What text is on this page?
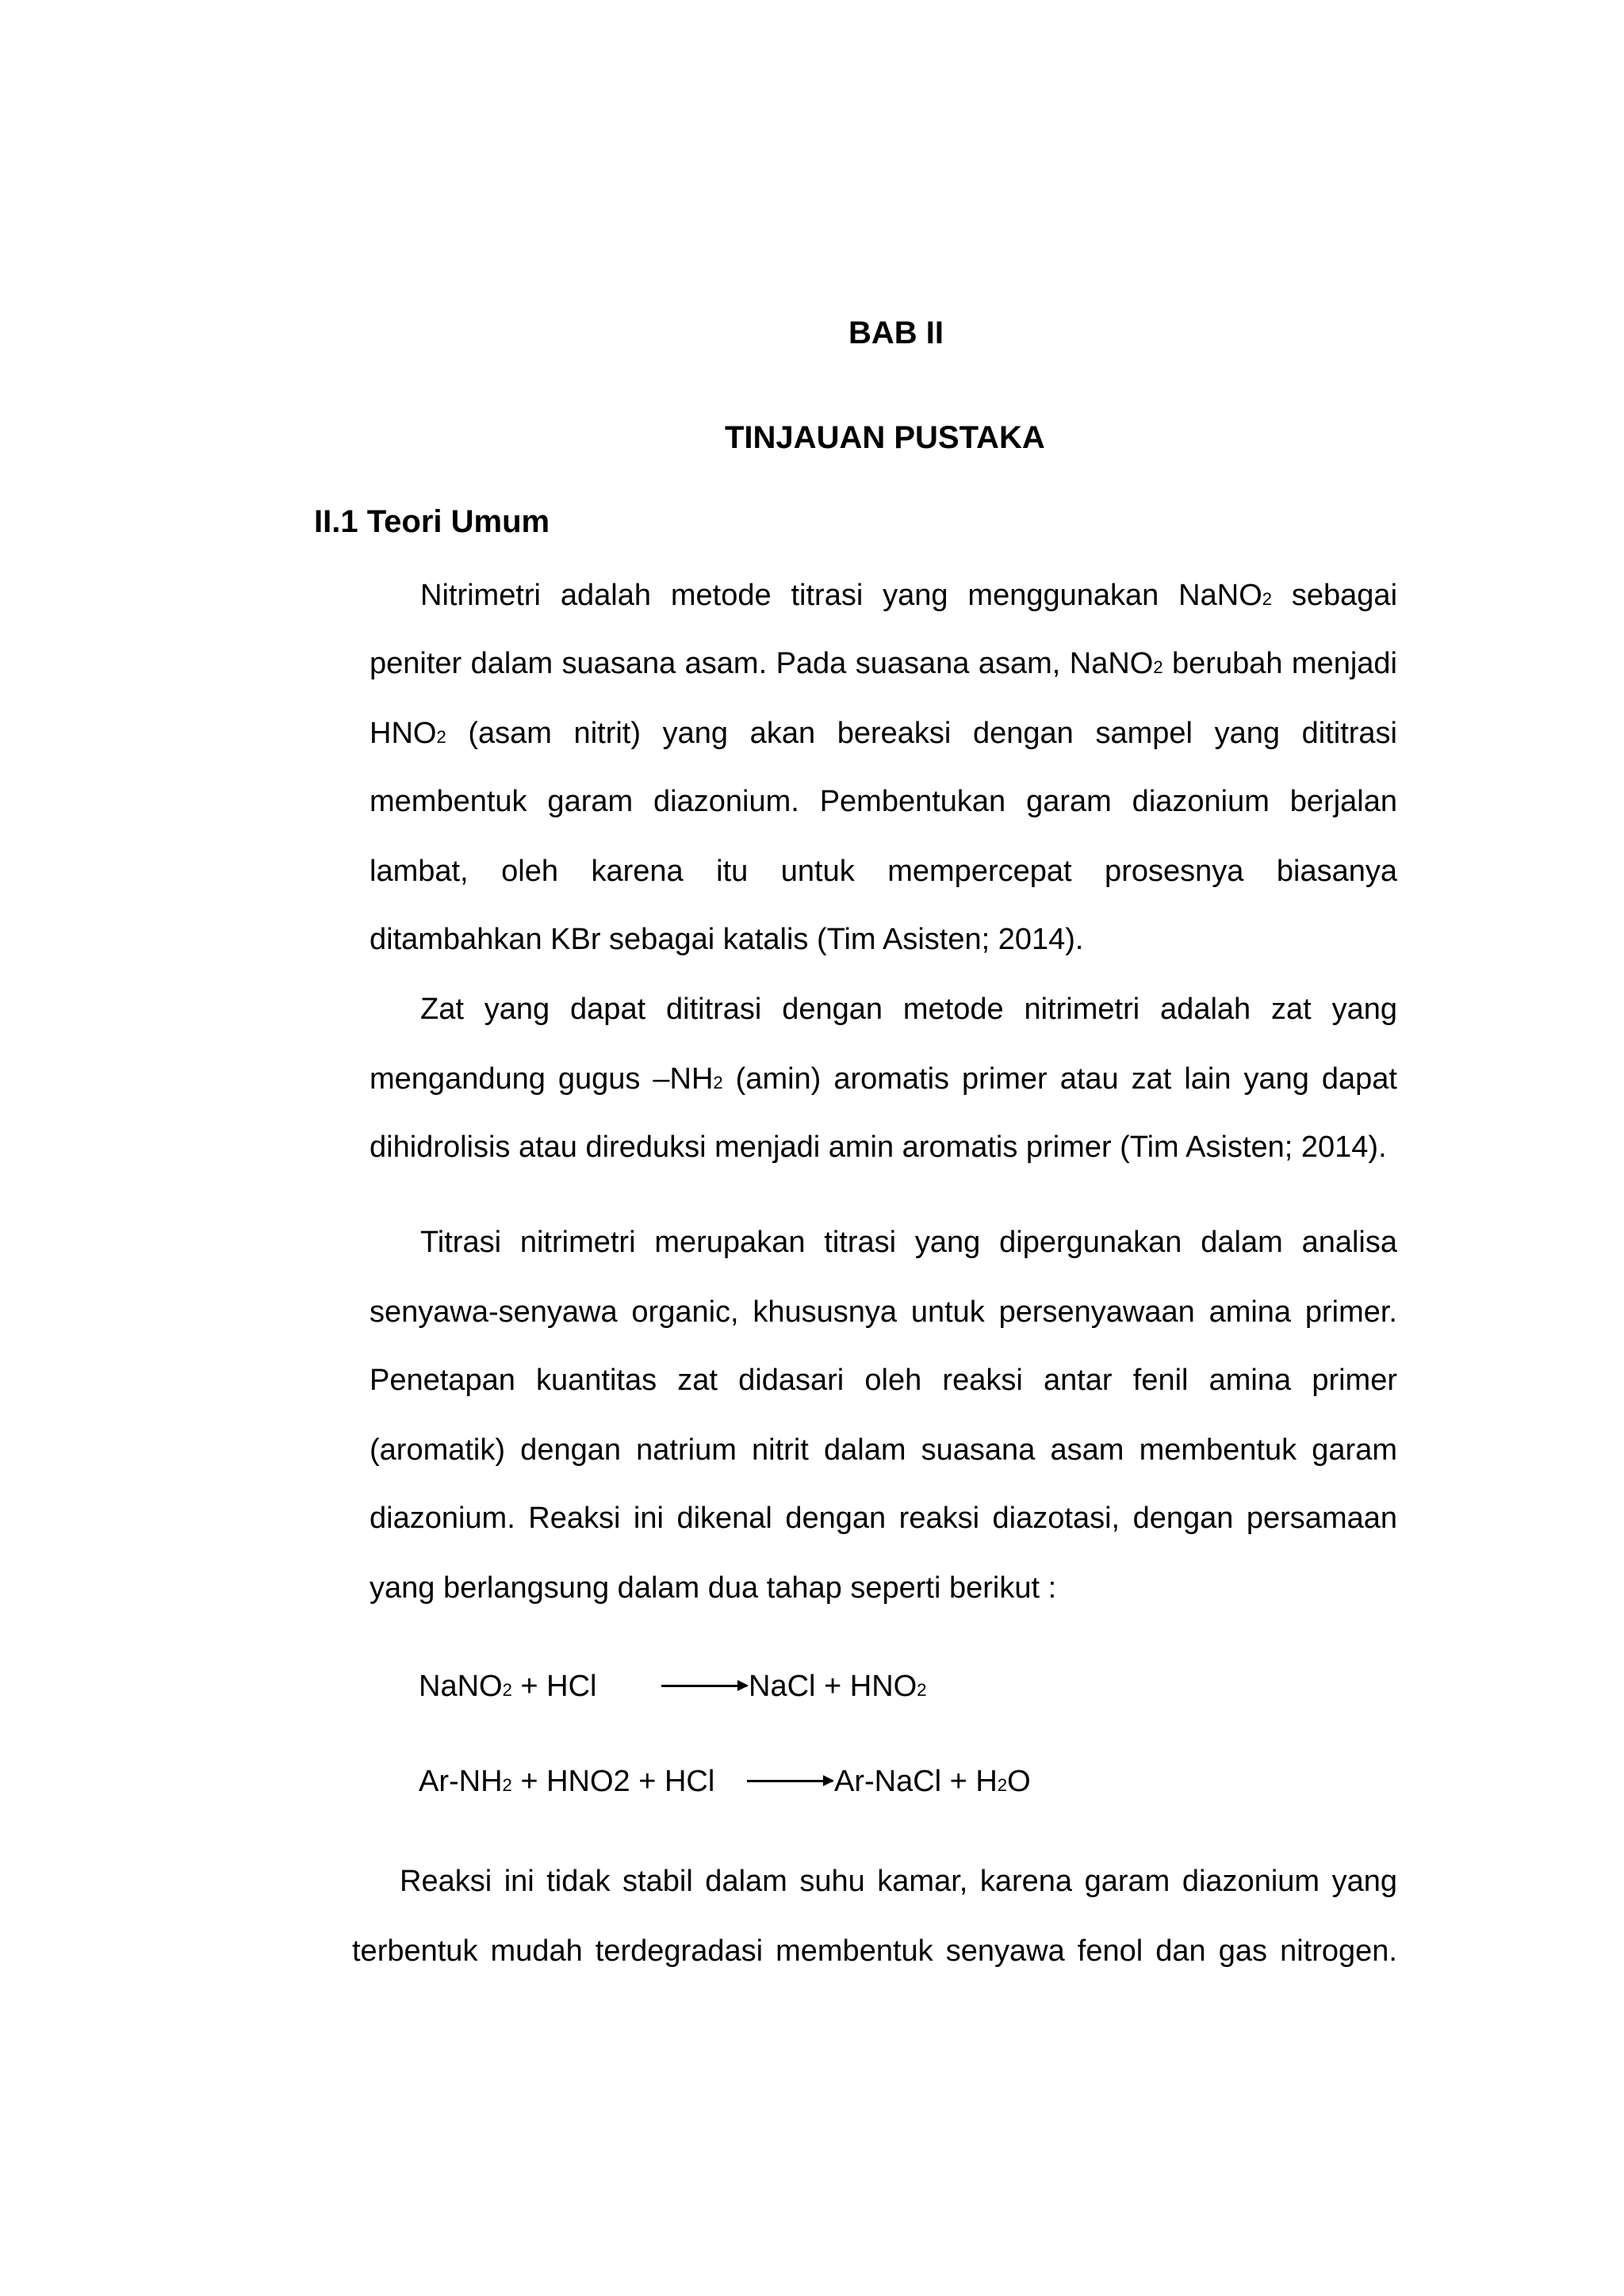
BAB II
TINJAUAN PUSTAKA
II.1 Teori Umum
Nitrimetri adalah metode titrasi yang menggunakan NaNO2 sebagai
peniter dalam suasana asam. Pada suasana asam, NaNO2 berubah menjadi
HNO2 (asam nitrit) yang akan bereaksi dengan sampel yang dititrasi
membentuk garam diazonium. Pembentukan garam diazonium berjalan
lambat, oleh karena itu untuk mempercepat prosesnya biasanya
ditambahkan KBr sebagai katalis (Tim Asisten; 2014).
Zat yang dapat dititrasi dengan metode nitrimetri adalah zat yang
mengandung gugus –NH2 (amin) aromatis primer atau zat lain yang dapat
dihidrolisis atau direduksi menjadi amin aromatis primer (Tim Asisten; 2014).
Titrasi nitrimetri merupakan titrasi yang dipergunakan dalam analisa
senyawa-senyawa organic, khususnya untuk persenyawaan amina primer.
Penetapan kuantitas zat didasari oleh reaksi antar fenil amina primer
(aromatik) dengan natrium nitrit dalam suasana asam membentuk garam
diazonium. Reaksi ini dikenal dengan reaksi diazotasi, dengan persamaan
yang berlangsung dalam dua tahap seperti berikut :
NaNO2 + HCl	NaCl + HNO2
Ar-NH2 + HNO2 + HCl	Ar-NaCl + H2O
Reaksi ini tidak stabil dalam suhu kamar, karena garam diazonium yang
terbentuk mudah terdegradasi membentuk senyawa fenol dan gas nitrogen.
